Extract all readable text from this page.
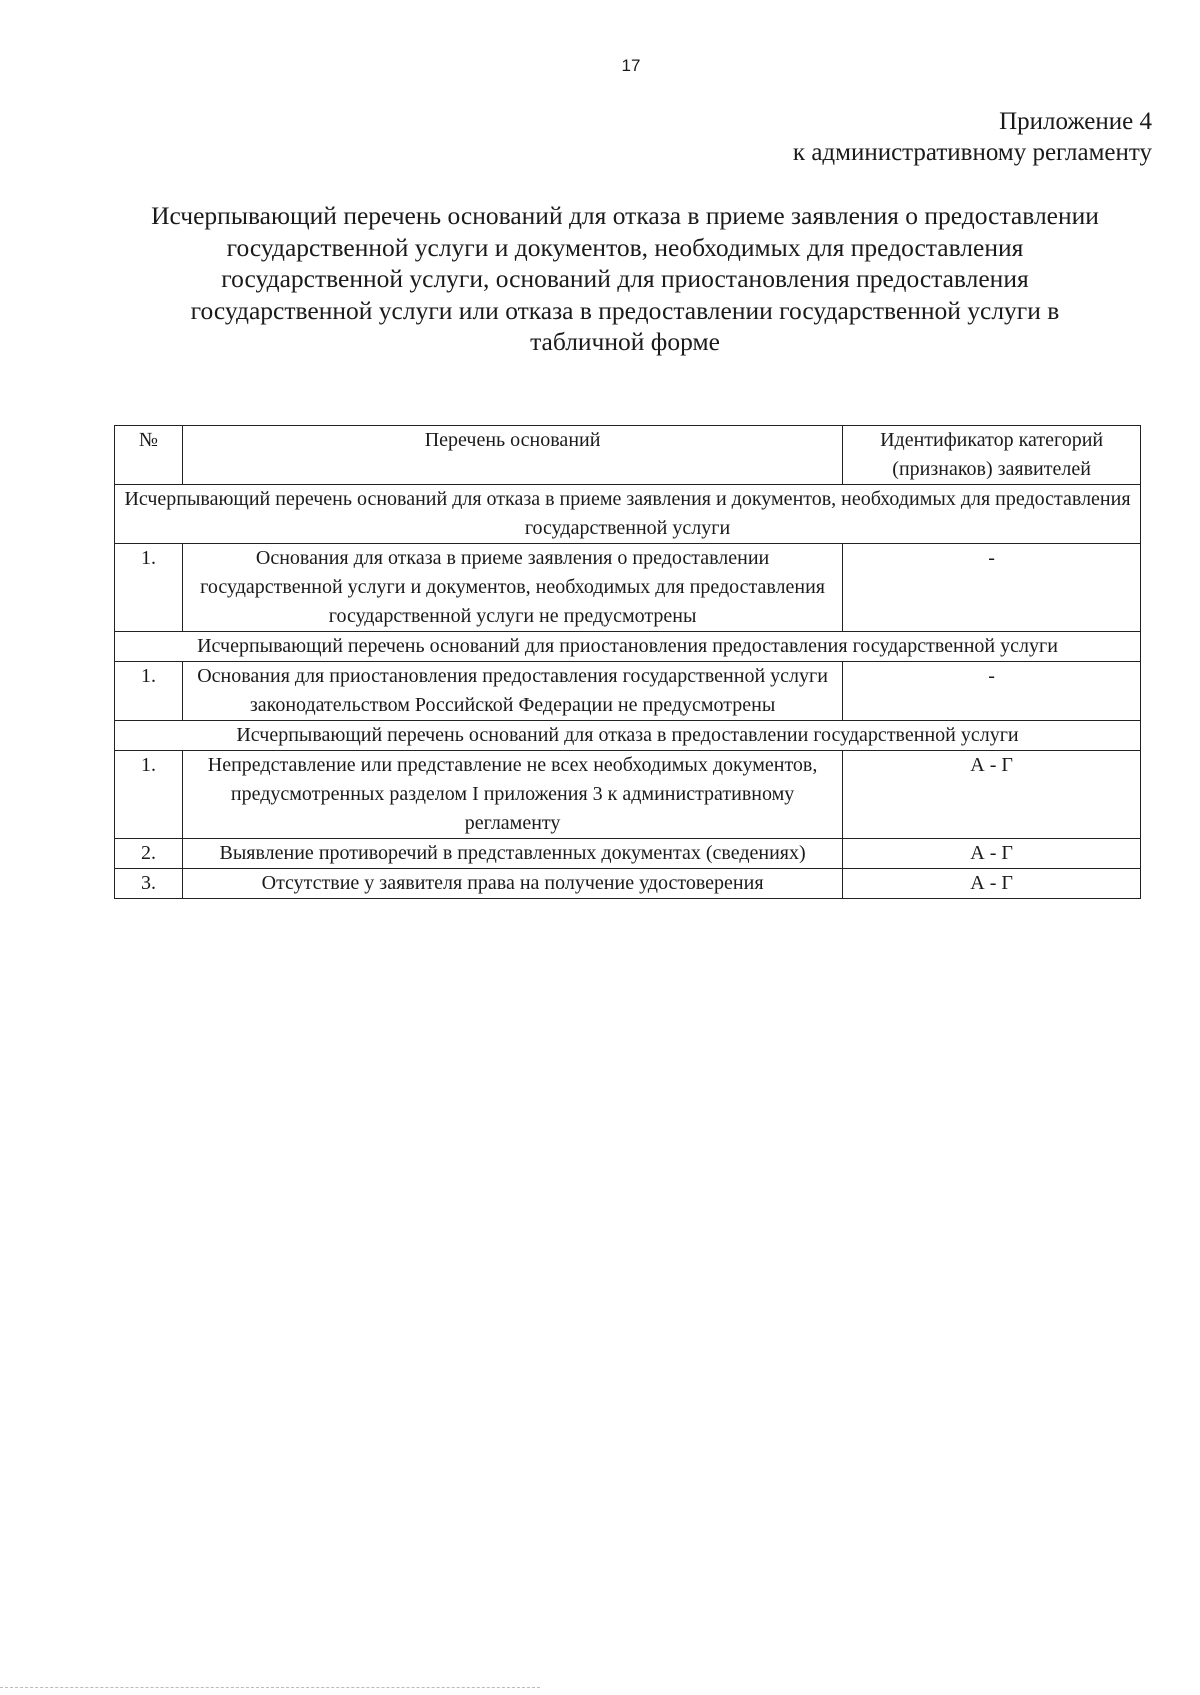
17
Приложение 4
к административному регламенту
Исчерпывающий перечень оснований для отказа в приеме заявления о предоставлении государственной услуги и документов, необходимых для предоставления государственной услуги, оснований для приостановления предоставления государственной услуги или отказа в предоставлении государственной услуги в табличной форме
№	Перечень оснований	Идентификатор категорий (признаков) заявителей
Исчерпывающий перечень оснований для отказа в приеме заявления и документов, необходимых для предоставления государственной услуги		
1.	Основания для отказа в приеме заявления о предоставлении государственной услуги и документов, необходимых для предоставления государственной услуги не предусмотрены	-
Исчерпывающий перечень оснований для приостановления предоставления государственной услуги		
1.	Основания для приостановления предоставления государственной услуги законодательством Российской Федерации не предусмотрены	-
Исчерпывающий перечень оснований для отказа в предоставлении государственной услуги		
1.	Непредставление или представление не всех необходимых документов, предусмотренных разделом I приложения 3 к административному регламенту	А - Г
2.	Выявление противоречий в представленных документах (сведениях)	А - Г
3.	Отсутствие у заявителя права на получение удостоверения	А - Г
